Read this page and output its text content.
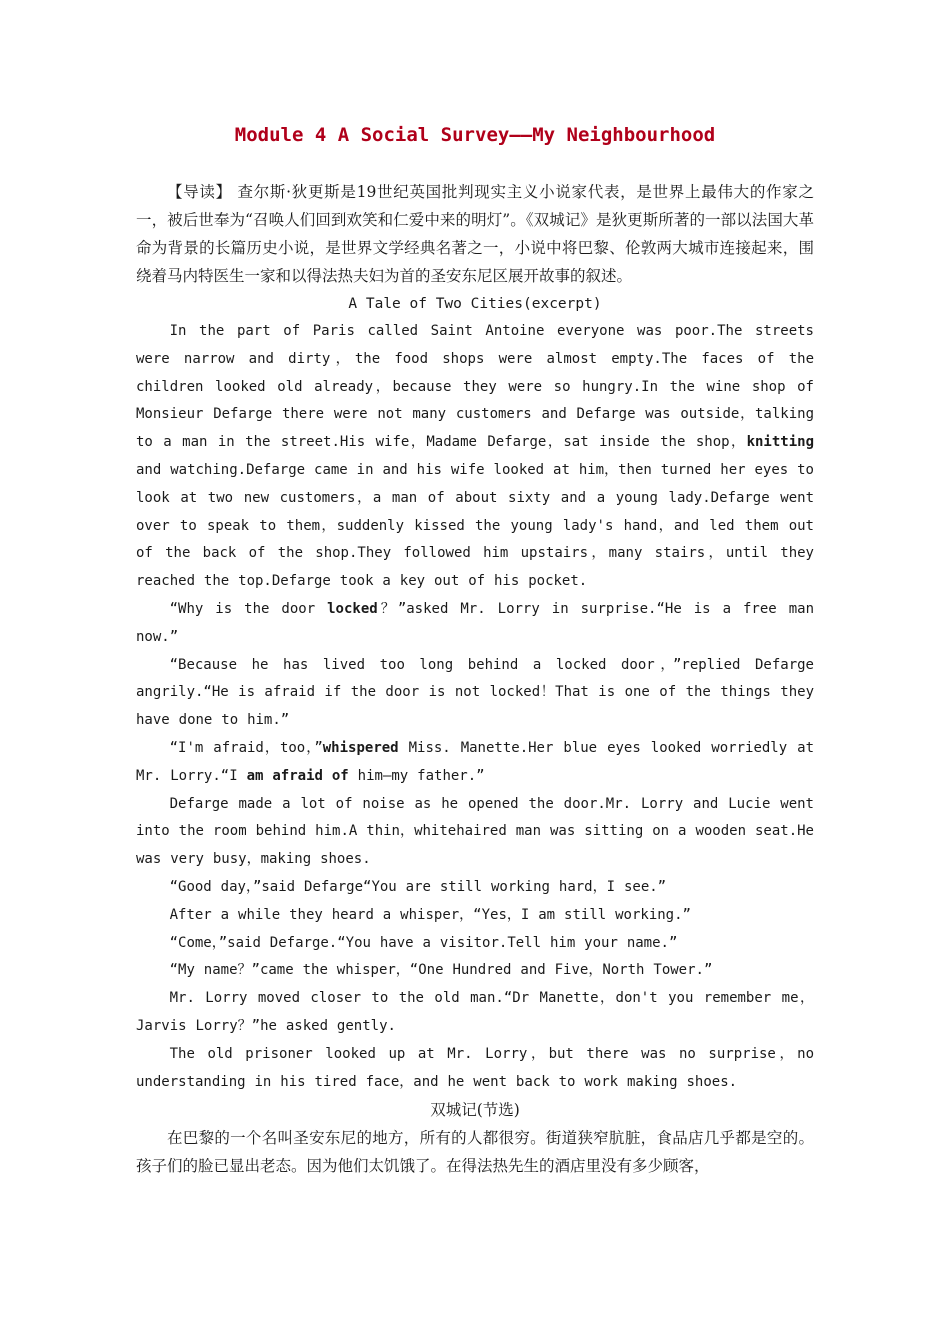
Module 4 A Social Survey——My Neighbourhood

【导读】 查尔斯·狄更斯是19世纪英国批判现实主义小说家代表，是世界上最伟大的作家之一，被后世奉为“召唤人们回到欢笑和仁爱中来的明灯”。《双城记》是狄更斯所著的一部以法国大革命为背景的长篇历史小说，是世界文学经典名著之一，小说中将巴黎、伦敦两大城市连接起来，围绕着马内特医生一家和以得法热夫妇为首的圣安东尼区展开故事的叙述。

A Tale of Two Cities(excerpt)

In the part of Paris called Saint Antoine everyone was poor.The streets were narrow and dirty，the food shops were almost empty.The faces of the children looked old already，because they were so hungry.In the wine shop of Monsieur Defarge there were not many customers and Defarge was outside，talking to a man in the street.His wife，Madame Defarge，sat inside the shop，knitting and watching.Defarge came in and his wife looked at him，then turned her eyes to look at two new customers，a man of about sixty and a young lady.Defarge went over to speak to them，suddenly kissed the young lady's hand，and led them out of the back of the shop.They followed him upstairs，many stairs，until they reached the top.Defarge took a key out of his pocket.

“Why is the door locked？”asked Mr. Lorry in surprise.“He is a free man now.”

“Because he has lived too long behind a locked door，”replied Defarge angrily.“He is afraid if the door is not locked！That is one of the things they have done to him.”

“I'm afraid，too，”whispered Miss. Manette.Her blue eyes looked worriedly at Mr. Lorry.“I am afraid of him—my father.”

Defarge made a lot of noise as he opened the door.Mr. Lorry and Lucie went into the room behind him.A thin，whitehaired man was sitting on a wooden seat.He was very busy，making shoes.

“Good day，”said Defarge“You are still working hard，I see.”

After a while they heard a whisper，“Yes，I am still working.”

“Come，”said Defarge.“You have a visitor.Tell him your name.”

“My name？”came the whisper，“One Hundred and Five，North Tower.”

Mr. Lorry moved closer to the old man.“Dr Manette，don't you remember me，Jarvis Lorry？”he asked gently.

The old prisoner looked up at Mr. Lorry，but there was no surprise，no understanding in his tired face，and he went back to work making shoes.

双城记(节选)

在巴黎的一个名叫圣安东尼的地方，所有的人都很穷。街道狭窄肮脏，食品店几乎都是空的。孩子们的脸已显出老态。因为他们太饥饿了。在得法热先生的酒店里没有多少顾客，
